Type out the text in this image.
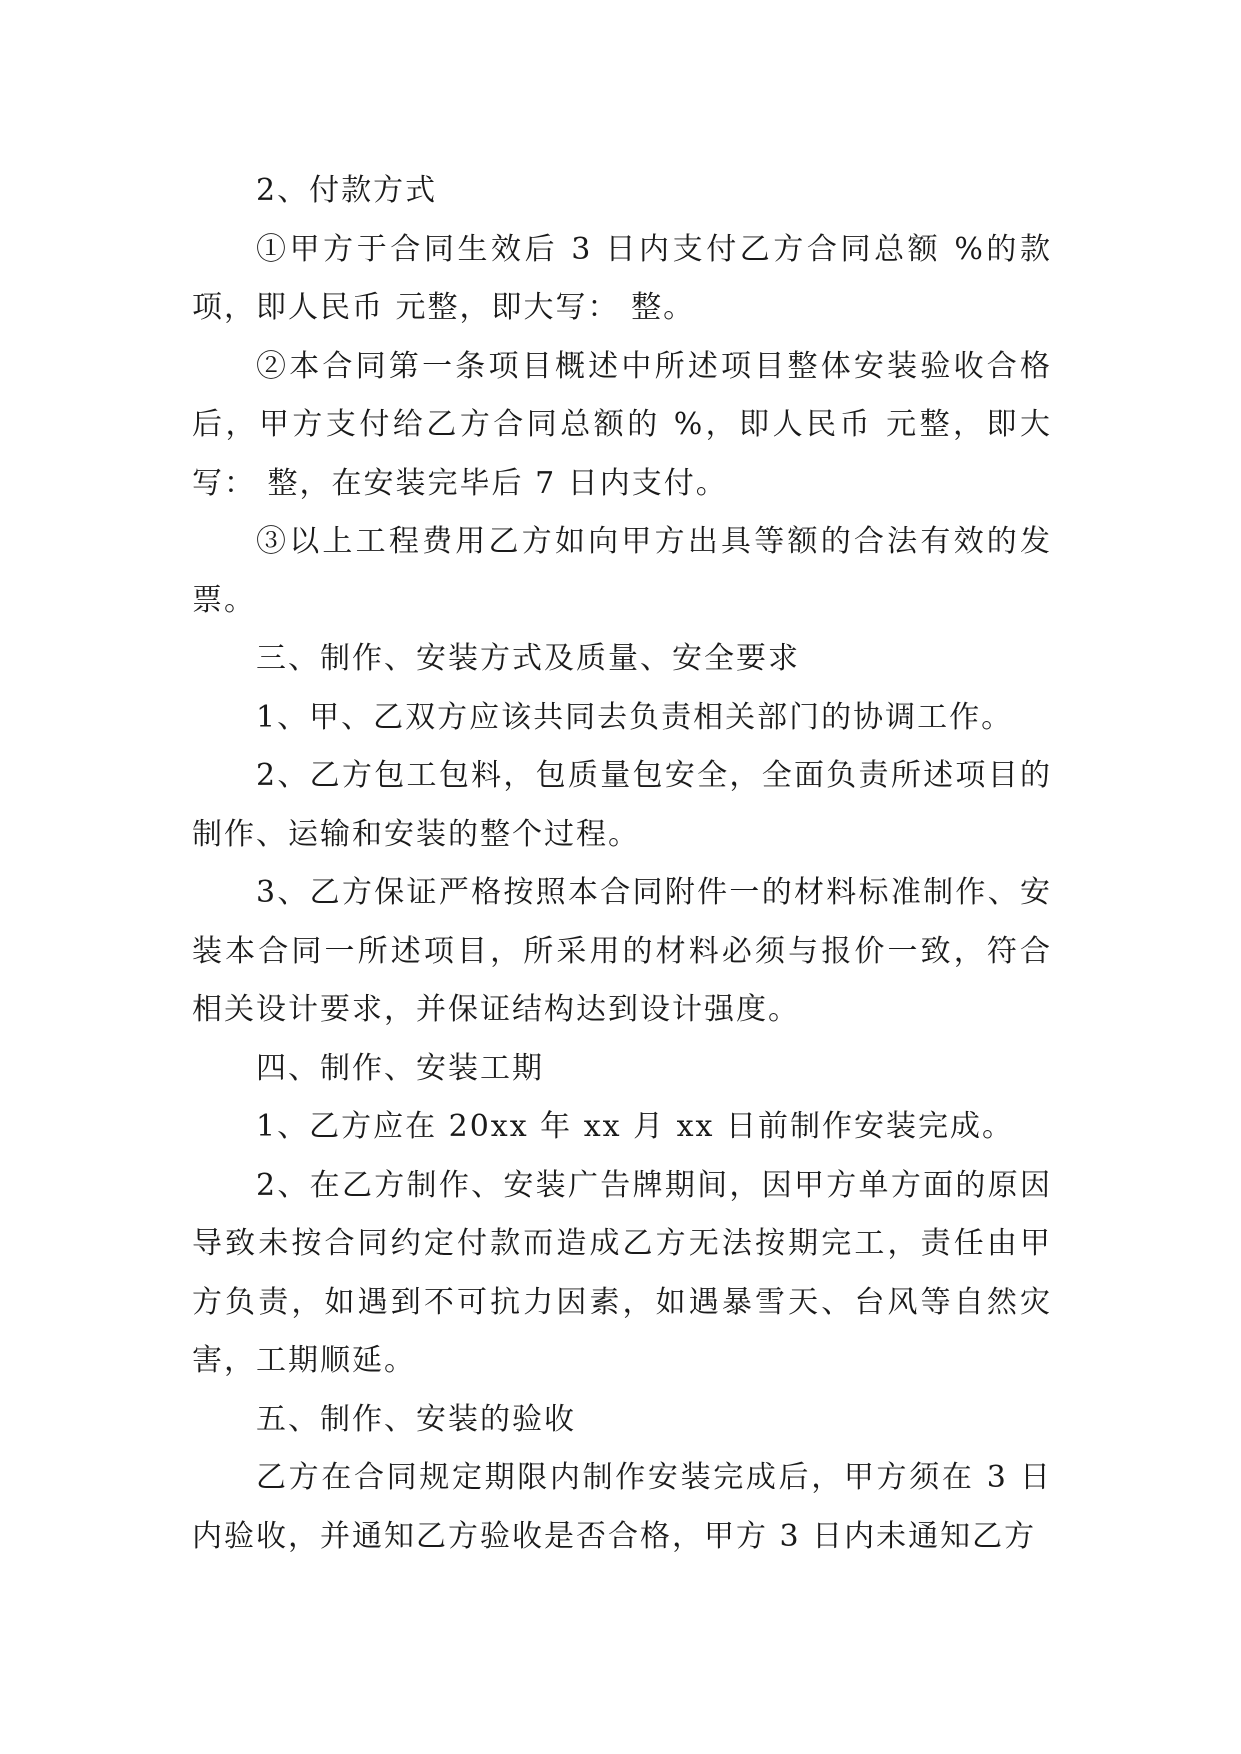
2、付款方式

①甲方于合同生效后 3 日内支付乙方合同总额 %的款项，即人民币 元整，即大写： 整。

②本合同第一条项目概述中所述项目整体安装验收合格后，甲方支付给乙方合同总额的 %，即人民币 元整，即大写： 整，在安装完毕后 7 日内支付。

③以上工程费用乙方如向甲方出具等额的合法有效的发票。

三、制作、安装方式及质量、安全要求

1、甲、乙双方应该共同去负责相关部门的协调工作。

2、乙方包工包料，包质量包安全，全面负责所述项目的制作、运输和安装的整个过程。

3、乙方保证严格按照本合同附件一的材料标准制作、安装本合同一所述项目，所采用的材料必须与报价一致，符合相关设计要求，并保证结构达到设计强度。

四、制作、安装工期

1、乙方应在 20xx 年 xx 月 xx 日前制作安装完成。

2、在乙方制作、安装广告牌期间，因甲方单方面的原因导致未按合同约定付款而造成乙方无法按期完工，责任由甲方负责，如遇到不可抗力因素，如遇暴雪天、台风等自然灾害，工期顺延。

五、制作、安装的验收

乙方在合同规定期限内制作安装完成后，甲方须在 3 日内验收，并通知乙方验收是否合格，甲方 3 日内未通知乙方
